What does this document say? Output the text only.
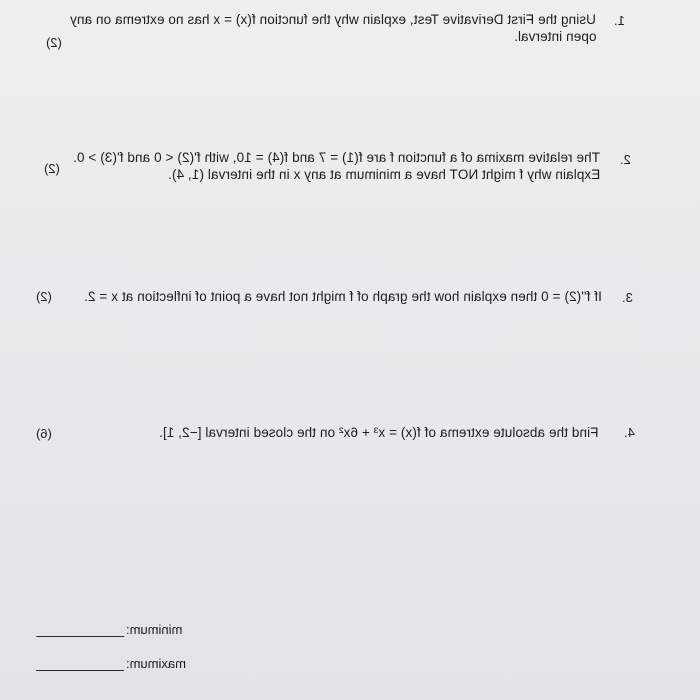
1.
Using the First Derivative Test, explain why the function f(x) = x has no extrema on any
open interval.
(2)
2.
The relative maxima of a function f are f(1) = 7 and f(4) = 10, with f'(2) < 0 and f'(3) > 0.
Explain why f might NOT have a minimum at any x in the interval (1, 4).
(2)
3.
If f''(2) = 0 then explain how the graph of f might not have a point of inflection at x = 2.
(2)
4.
Find the absolute extrema of f(x) = x³ + 6x² on the closed interval [−2, 1].
(6)
minimum:
maximum:
